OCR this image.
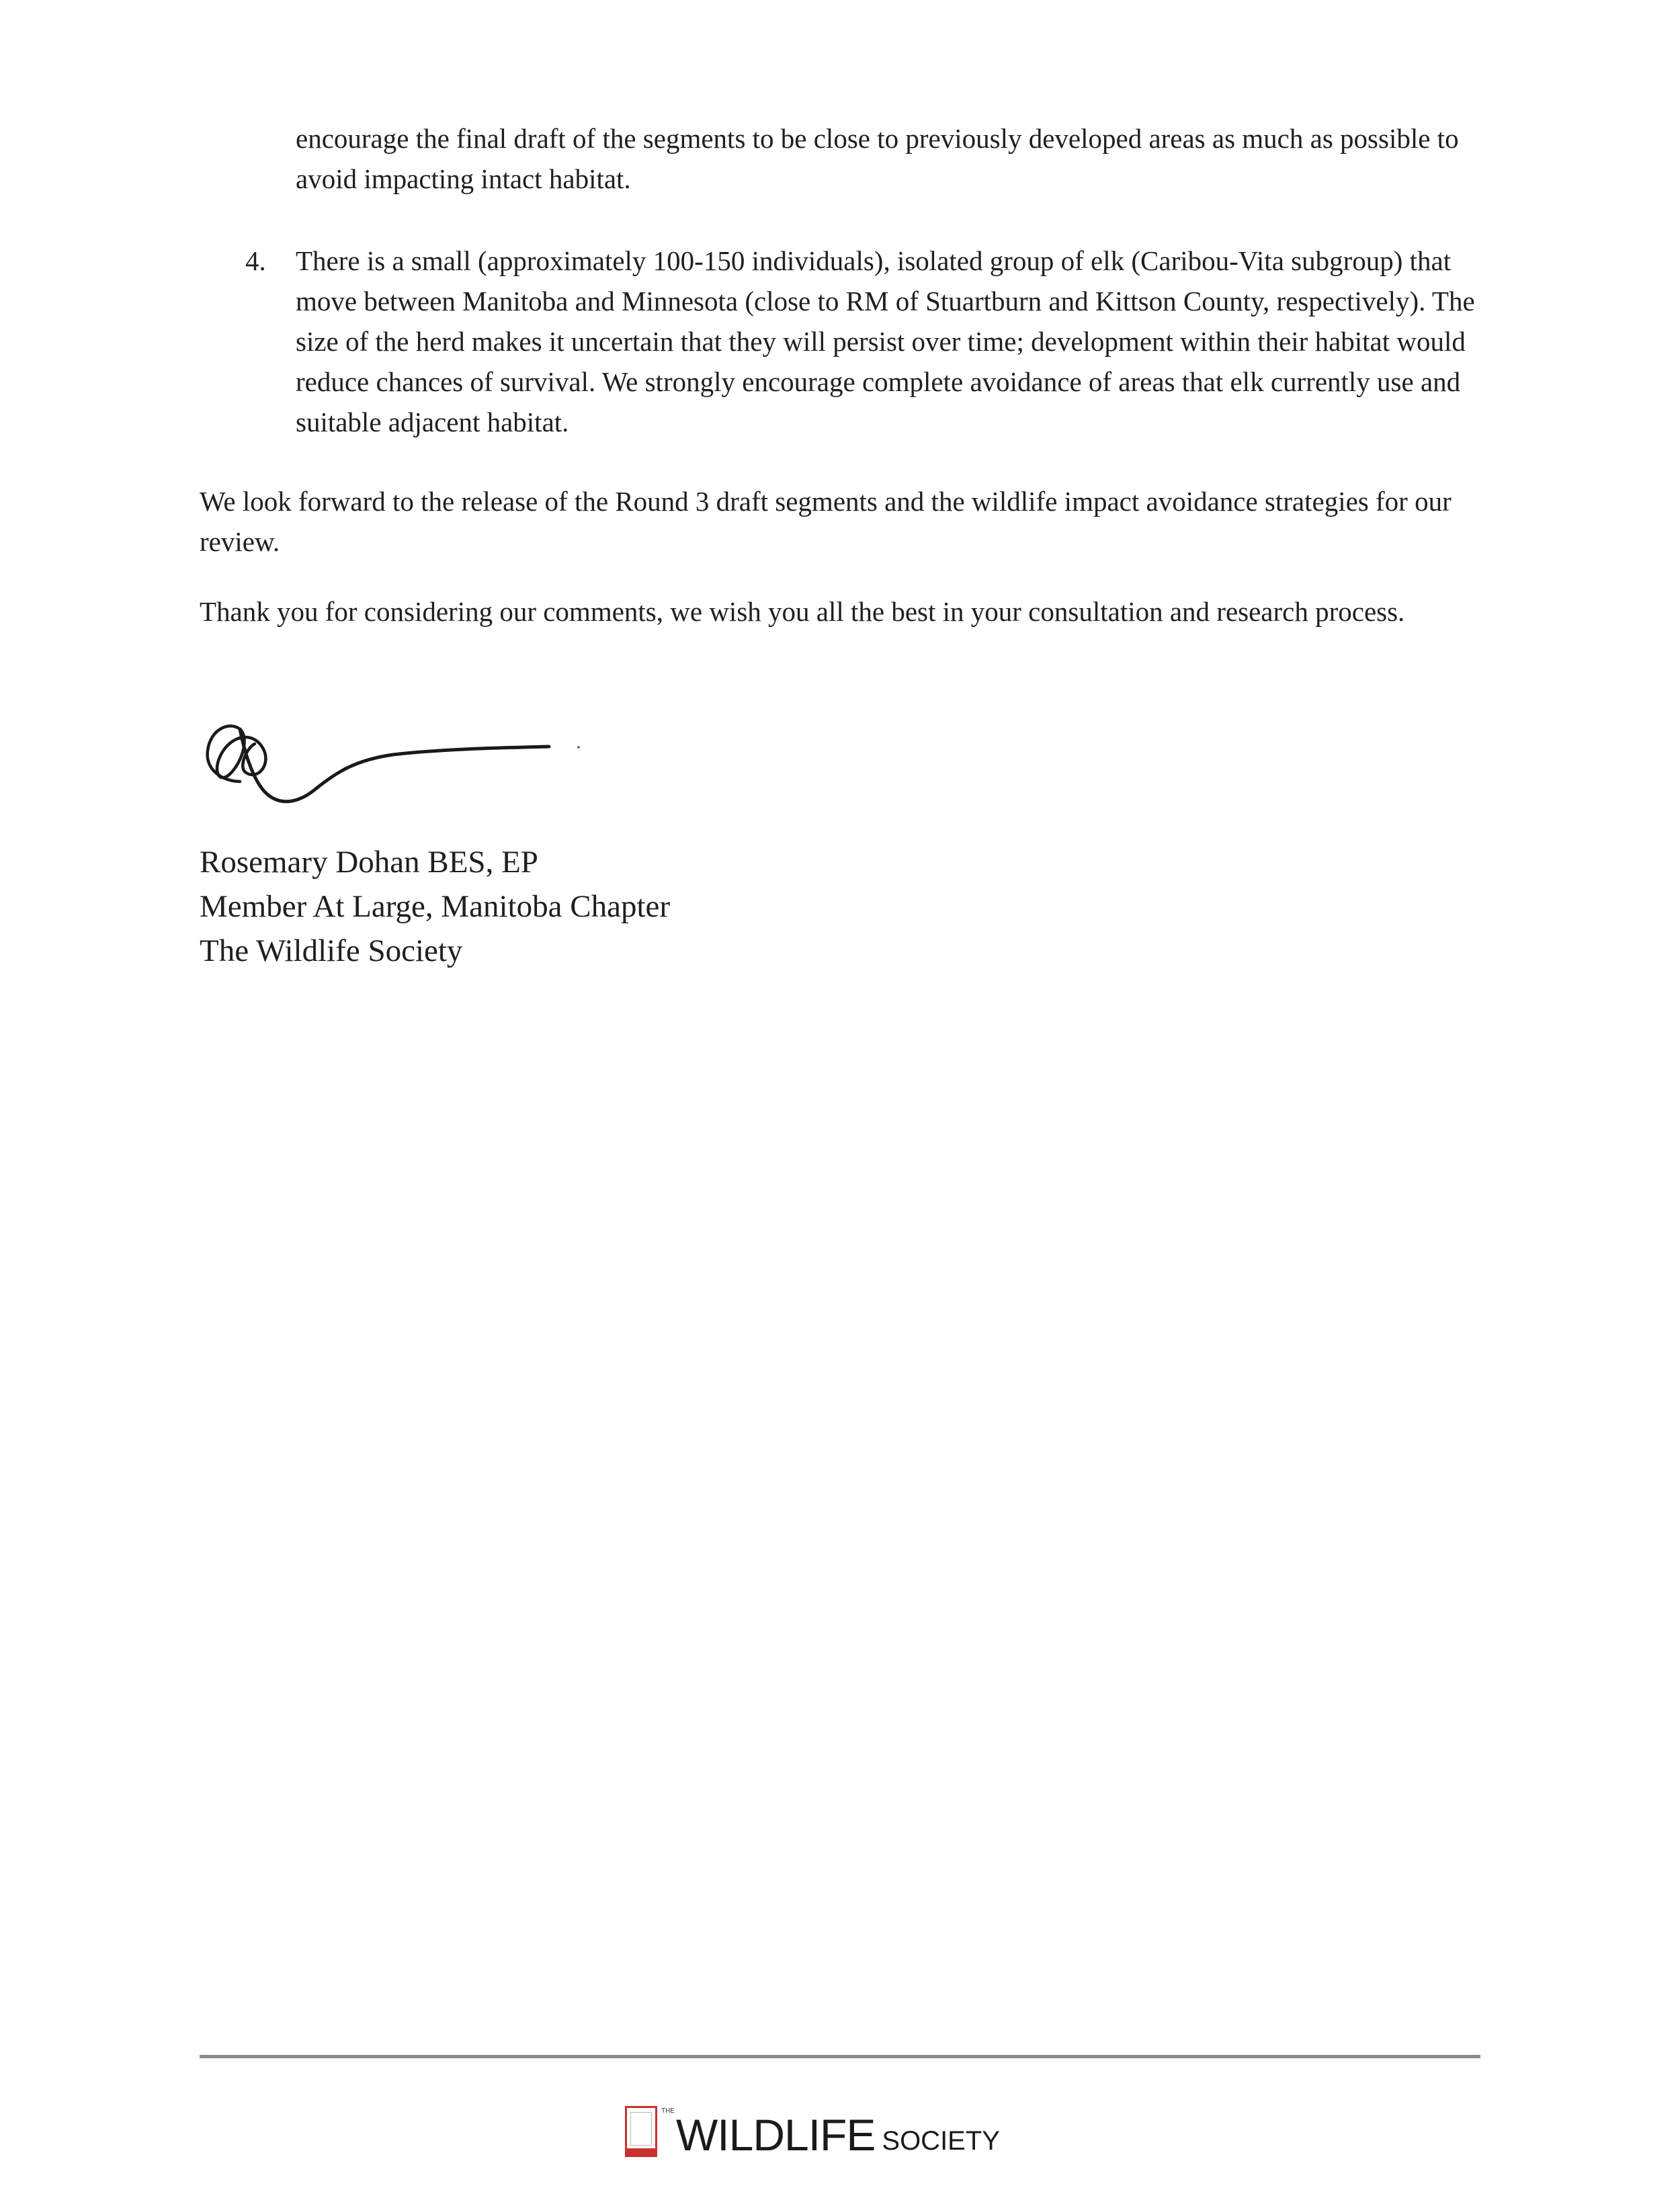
encourage the final draft of the segments to be close to previously developed areas as much as possible to avoid impacting intact habitat.

4.	There is a small (approximately 100-150 individuals), isolated group of elk (Caribou-Vita subgroup) that move between Manitoba and Minnesota (close to RM of Stuartburn and Kittson County, respectively). The size of the herd makes it uncertain that they will persist over time; development within their habitat would reduce chances of survival. We strongly encourage complete avoidance of areas that elk currently use and suitable adjacent habitat.

We look forward to the release of the Round 3 draft segments and the wildlife impact avoidance strategies for our review.

Thank you for considering our comments, we wish you all the best in your consultation and research process.

Rosemary Dohan BES, EP
Member At Large, Manitoba Chapter
The Wildlife Society
THE WILDLIFE SOCIETY
